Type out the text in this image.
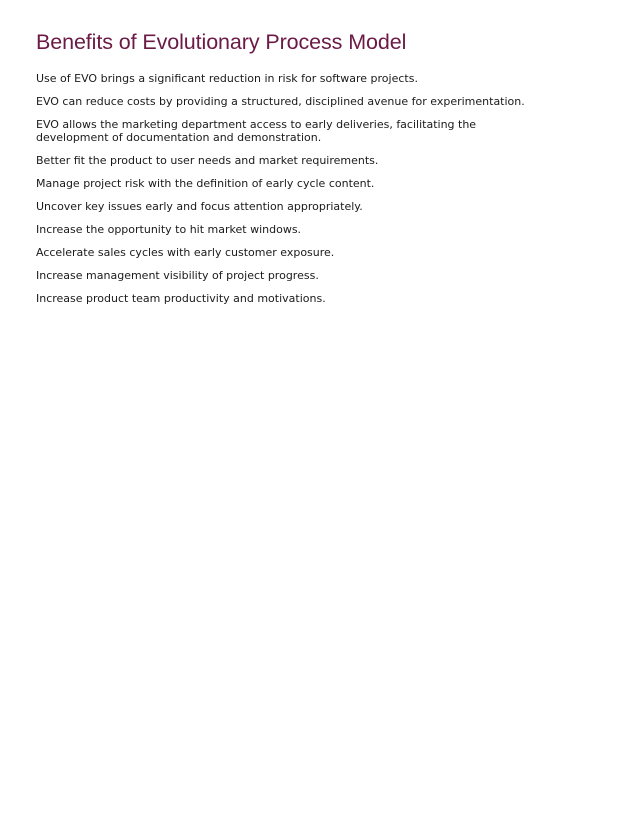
Benefits of Evolutionary Process Model
Use of EVO brings a significant reduction in risk for software projects.
EVO can reduce costs by providing a structured, disciplined avenue for experimentation.
EVO allows the marketing department access to early deliveries, facilitating the development of documentation and demonstration.
Better fit the product to user needs and market requirements.
Manage project risk with the definition of early cycle content.
Uncover key issues early and focus attention appropriately.
Increase the opportunity to hit market windows.
Accelerate sales cycles with early customer exposure.
Increase management visibility of project progress.
Increase product team productivity and motivations.
